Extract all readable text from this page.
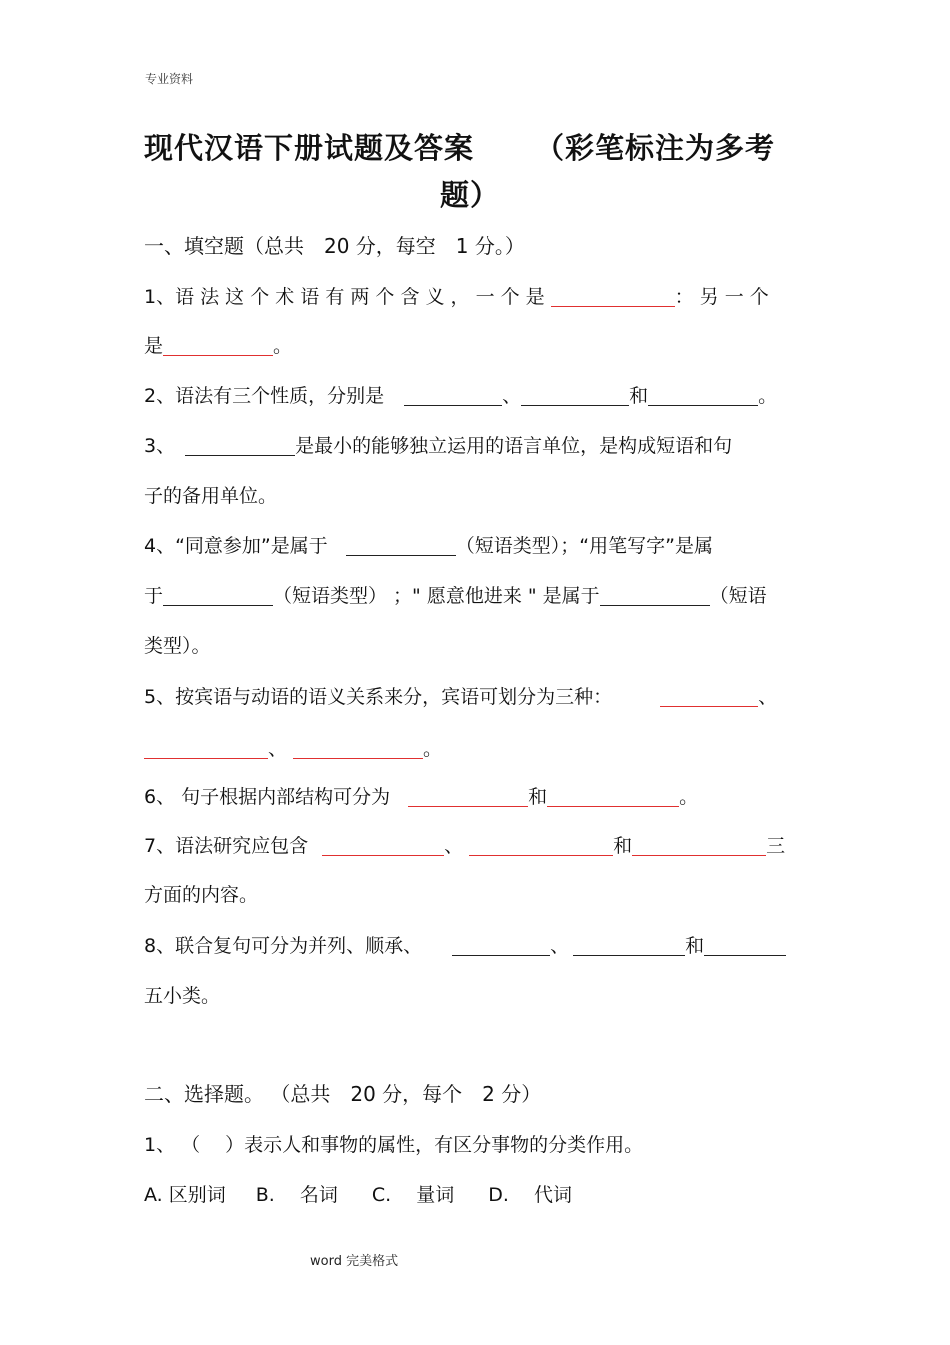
专业资料
现代汉语下册试题及答案 （彩笔标注为多考
题）
一、填空题（总共　20 分，每空　1 分。）
1、语 法 这 个 术 语 有 两 个 含 义 ， 一 个 是	： 另 一 个
是	。
2、语法有三个性质，分别是	、	和	。
3、	是最小的能够独立运用的语言单位，是构成短语和句
子的备用单位。
4、“同意参加”是属于	（短语类型）；“用笔写字”是属
于	（短语类型） ；" 愿意他进来 " 是属于	（短语
类型）。
5、按宾语与动语的语义关系来分，宾语可划分为三种：	、
、	。
6、 句子根据内部结构可分为	和	。
7、语法研究应包含	、	和	三
方面的内容。
8、联合复句可分为并列、顺承、	、	和
五小类。
二、选择题。 （总共　20 分，每个　2 分）
1、 （　 ）表示人和事物的属性，有区分事物的分类作用。
A. 区别词 B.　 名词 C.　 量词 D.　 代词
word 完美格式
